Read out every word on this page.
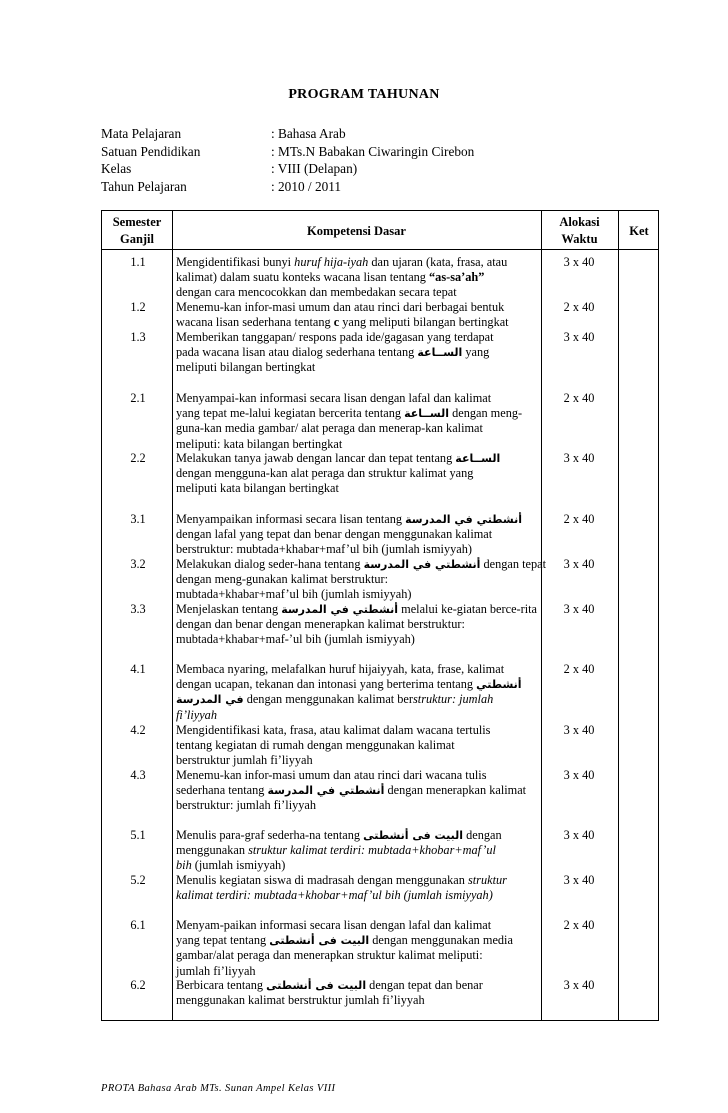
PROGRAM TAHUNAN
Mata Pelajaran	: Bahasa Arab
Satuan Pendidikan	: MTs.N Babakan Ciwaringin Cirebon
Kelas	: VIII (Delapan)
Tahun Pelajaran	: 2010 / 2011
Semester
Ganjil
Kompetensi Dasar
Alokasi
Waktu
Ket
1.1	Mengidentifikasi bunyi huruf hija-iyah dan ujaran (kata, frasa, atau
kalimat) dalam suatu konteks wacana lisan tentang “as-sa’ah”
dengan cara mencocokkan dan membedakan secara tepat
3 x 40
1.2	Menemu-kan infor-masi umum dan atau rinci dari berbagai bentuk
wacana lisan sederhana tentang c yang meliputi bilangan bertingkat
2 x 40
1.3	Memberikan tanggapan/ respons pada ide/gagasan yang terdapat
pada wacana lisan atau dialog sederhana tentang الســاعة yang
meliputi bilangan bertingkat
3 x 40
2.1	Menyampai-kan informasi secara lisan dengan lafal dan kalimat
yang tepat me-lalui kegiatan bercerita tentang الســاعة dengan meng-
guna-kan media gambar/ alat peraga dan menerap-kan kalimat
meliputi: kata bilangan bertingkat
2 x 40
2.2	Melakukan tanya jawab dengan lancar dan tepat tentang الســاعة
dengan mengguna-kan alat peraga dan struktur kalimat yang
meliputi kata bilangan bertingkat
3 x 40
3.1	Menyampaikan informasi secara lisan tentang أنشطتي في المدرسة
dengan lafal yang tepat dan benar dengan menggunakan kalimat
berstruktur: mubtada+khabar+maf’ul bih (jumlah ismiyyah)
2 x 40
3.2	Melakukan dialog seder-hana tentang أنشطتي في المدرسة dengan tepat
dengan meng-gunakan kalimat berstruktur:
mubtada+khabar+maf’ul bih (jumlah ismiyyah)
3 x 40
3.3	Menjelaskan tentang أنشطتي في المدرسة melalui ke-giatan berce-rita
dengan dan benar dengan menerapkan kalimat berstruktur:
mubtada+khabar+maf-’ul bih (jumlah ismiyyah)
3 x 40
4.1	Membaca nyaring, melafalkan huruf hijaiyyah, kata, frase, kalimat
dengan ucapan, tekanan dan intonasi yang berterima tentang أنشطتي
في المدرسة dengan menggunakan kalimat berstruktur: jumlah
fi’liyyah
2 x 40
4.2	Mengidentifikasi kata, frasa, atau kalimat dalam wacana tertulis
tentang kegiatan di rumah dengan menggunakan kalimat
berstruktur jumlah fi’liyyah
3 x 40
4.3	Menemu-kan infor-masi umum dan atau rinci dari wacana tulis
sederhana tentang أنشطتي في المدرسة dengan menerapkan kalimat
berstruktur: jumlah fi’liyyah
3 x 40
5.1	Menulis para-graf sederha-na tentang البيت فى أنشطتى dengan
menggunakan struktur kalimat terdiri: mubtada+khobar+maf’ul
bih (jumlah ismiyyah)
3 x 40
5.2	Menulis kegiatan siswa di madrasah dengan menggunakan struktur
kalimat terdiri: mubtada+khobar+maf’ul bih (jumlah ismiyyah)
3 x 40
6.1	Menyam-paikan informasi secara lisan dengan lafal dan kalimat
yang tepat tentang البيت فى أنشطتى dengan menggunakan media
gambar/alat peraga dan menerapkan struktur kalimat meliputi:
jumlah fi’liyyah
2 x 40
6.2	Berbicara tentang البيت فى أنشطتى dengan tepat dan benar
menggunakan kalimat berstruktur jumlah fi’liyyah
3 x 40
PROTA Bahasa Arab MTs. Sunan Ampel Kelas VIII
